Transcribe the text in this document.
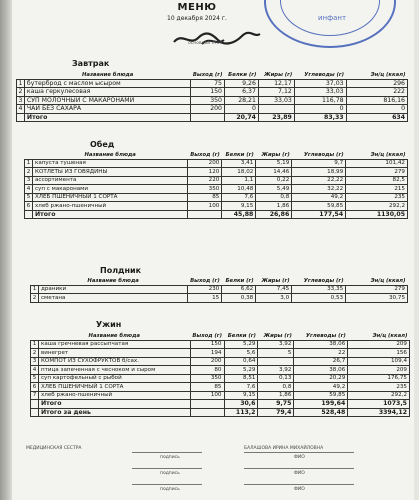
инфант
МЕНЮ
10 декабря 2024 г.
основной стол
Завтрак
	Название блюда	Выход (г)	Белки (г)	Жиры (г)	Углеводы (г)	Эн/ц (ккал)
1	бутерброд с маслом ысыром	75	9,26	12,17	37,03	296
2	каша геркулесовая	150	6,37	7,12	33,03	222
3	СУП МОЛОЧНЫЙ С МАКАРОНАМИ	350	28,21	33,03	116,78	816,16
4	ЧАЙ БЕЗ САХАРА	200	0		0	0
	Итого		20,74	23,89	83,33	634
Обед
	Название блюда	Выход (г)	Белки (г)	Жиры (г)	Углеводы (г)	Эн/ц (ккал)
1	капуста тушеная	200	3,41	5,19	9,7	101,42
2	КОТЛЕТЫ ИЗ ГОВЯДИНЫ	120	18,02	14,46	18,99	279
3	ассортимента	220	1,1	0,22	22,22	82,5
4	суп с макаронами	350	10,48	5,49	32,22	215
5	ХЛЕБ ПШЕНИЧНЫЙ 1 СОРТА	85	7,6	0,8	49,2	235
6	хлеб ржано-пшеничный	100	9,15	1,86	59,85	292,2
	Итого		45,88	26,86	177,54	1130,05
Полдник
	Название блюда	Выход (г)	Белки (г)	Жиры (г)	Углеводы (г)	Эн/ц (ккал)
1	драники	230	6,62	7,45	33,35	279
2	сметана	15	0,38	3,0	0,53	30,75
Ужин
	Название блюда	Выход (г)	Белки (г)	Жиры (г)	Углеводы (г)	Эн/ц (ккал)
1	каша гречневая рассыпчатая	150	5,29	3,92	38,06	209
2	винегрет	194	5,6	5	22	156
3	КОМПОТ ИЗ СУХОФРУКТОВ б/сах.	200	0,64		26,7	109,4
4	птица запеченная с чесноком и сыром	80	5,29	3,92	38,06	209
5	суп картофельный с рыбой	350	8,51	0,13	20,29	176,75
6	ХЛЕБ ПШЕНИЧНЫЙ 1 СОРТА	85	7,6	0,8	49,2	235
7	хлеб ржано-пшеничный	100	9,15	1,86	59,85	292,2
	Итого		30,6	9,75	199,64	1073,5
	Итого за день		113,2	79,4	528,48	3394,12
МЕДИЦИНСКАЯ СЕСТРА	БАЛАШОВА ИРИНА МИХАЙЛОВНА
подпись	ФИО
подпись	ФИО
подпись	ФИО
